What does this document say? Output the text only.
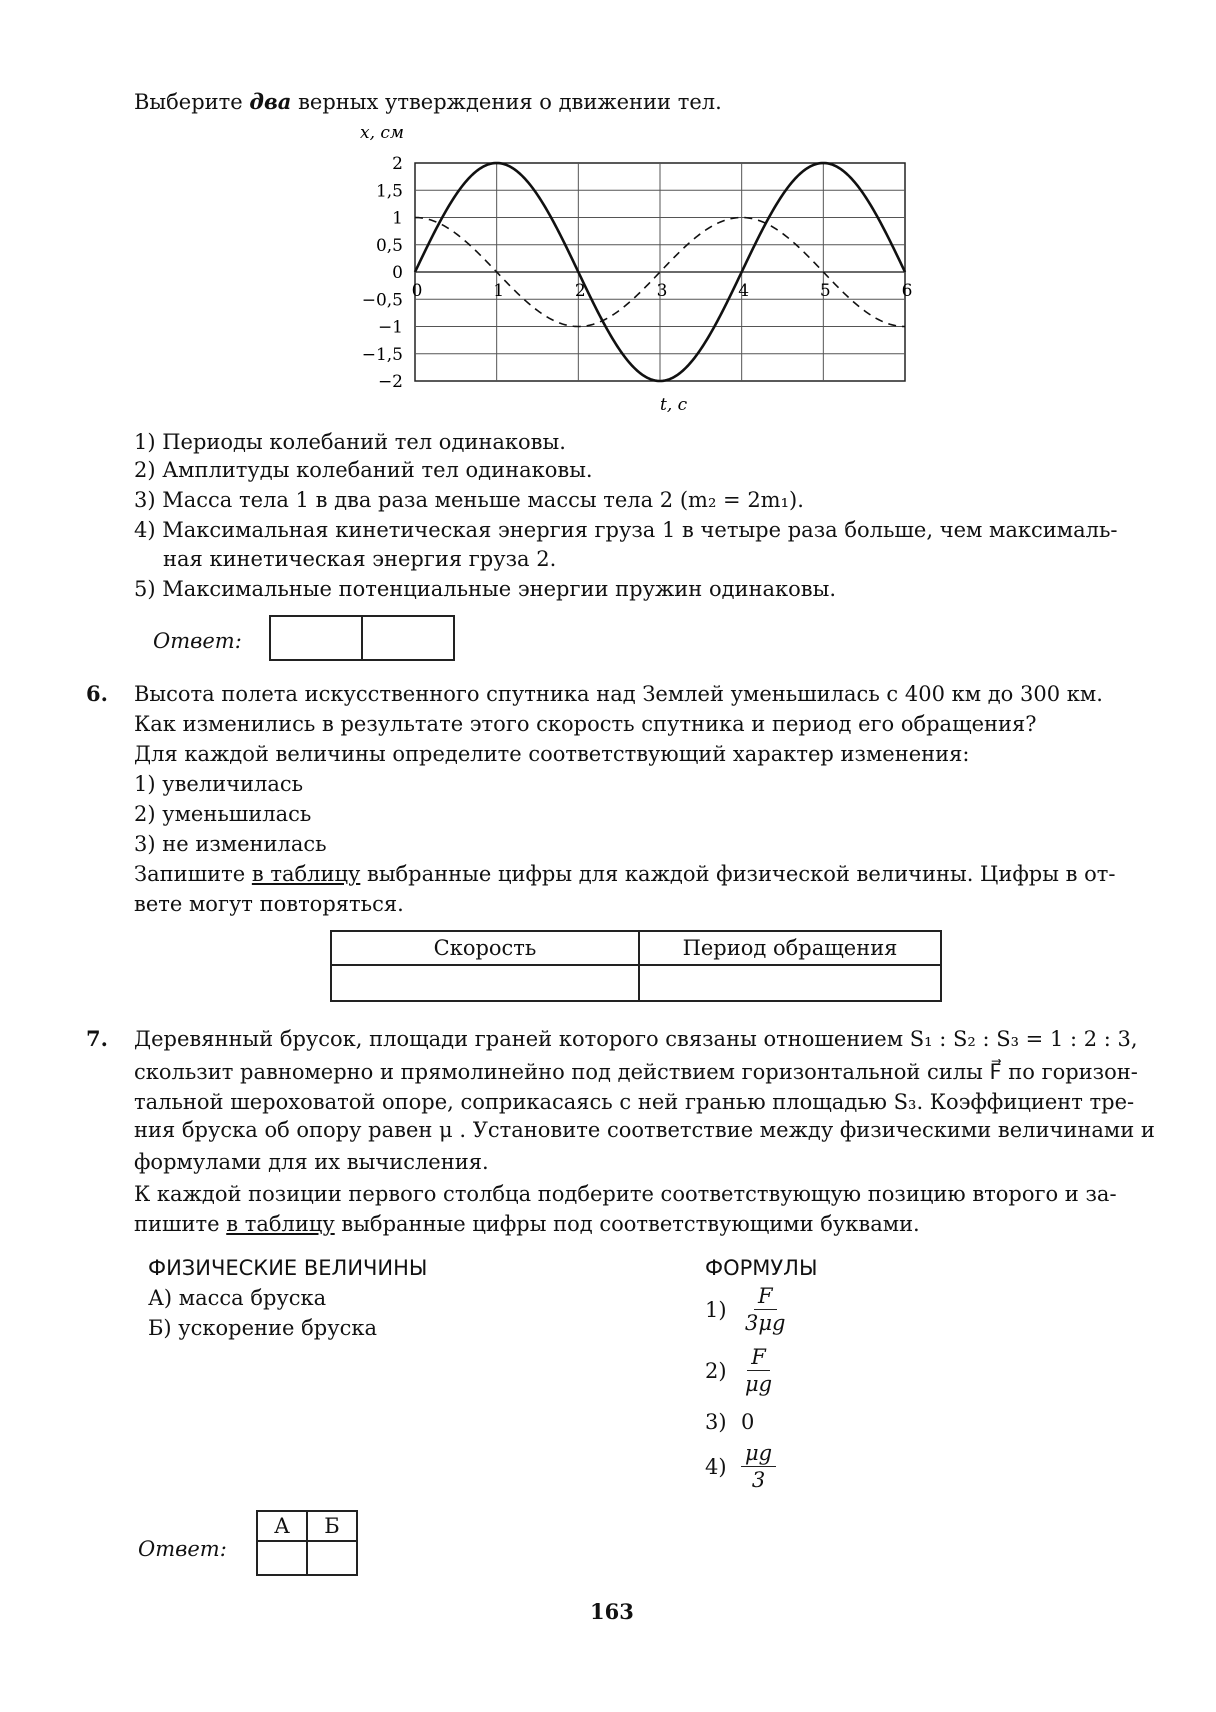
Выберите два верных утверждения о движении тел.
x, см
t, с
2
1,5
1
0,5
0
−0,5
−1
−1,5
−2
0	1	2	3	4	5	6
1) Периоды колебаний тел одинаковы.
2) Амплитуды колебаний тел одинаковы.
3) Масса тела 1 в два раза меньше массы тела 2 (m₂ = 2m₁).
4) Максимальная кинетическая энергия груза 1 в четыре раза больше, чем максималь-
ная кинетическая энергия груза 2.
5) Максимальные потенциальные энергии пружин одинаковы.
Ответ:
6. Высота полета искусственного спутника над Землей уменьшилась с 400 км до 300 км.
Как изменились в результате этого скорость спутника и период его обращения?
Для каждой величины определите соответствующий характер изменения:
1) увеличилась
2) уменьшилась
3) не изменилась
Запишите в таблицу выбранные цифры для каждой физической величины. Цифры в от-
вете могут повторяться.
Скорость	Период обращения

7. Деревянный брусок, площади граней которого связаны отношением S₁ : S₂ : S₃ = 1 : 2 : 3,
скользит равномерно и прямолинейно под действием горизонтальной силы F⃗ по горизон-
тальной шероховатой опоре, соприкасаясь с ней гранью площадью S₃. Коэффициент тре-
ния бруска об опору равен μ . Установите соответствие между физическими величинами и
формулами для их вычисления.
К каждой позиции первого столбца подберите соответствующую позицию второго и за-
пишите в таблицу выбранные цифры под соответствующими буквами.
ФИЗИЧЕСКИЕ ВЕЛИЧИНЫ	ФОРМУЛЫ
А) масса бруска
Б) ускорение бруска
$1) \frac{F}{3\mu g}$
$2) \frac{F}{\mu g}$
3) 0
$4) \frac{\mu g}{3}$
Ответ:
А	Б

163
